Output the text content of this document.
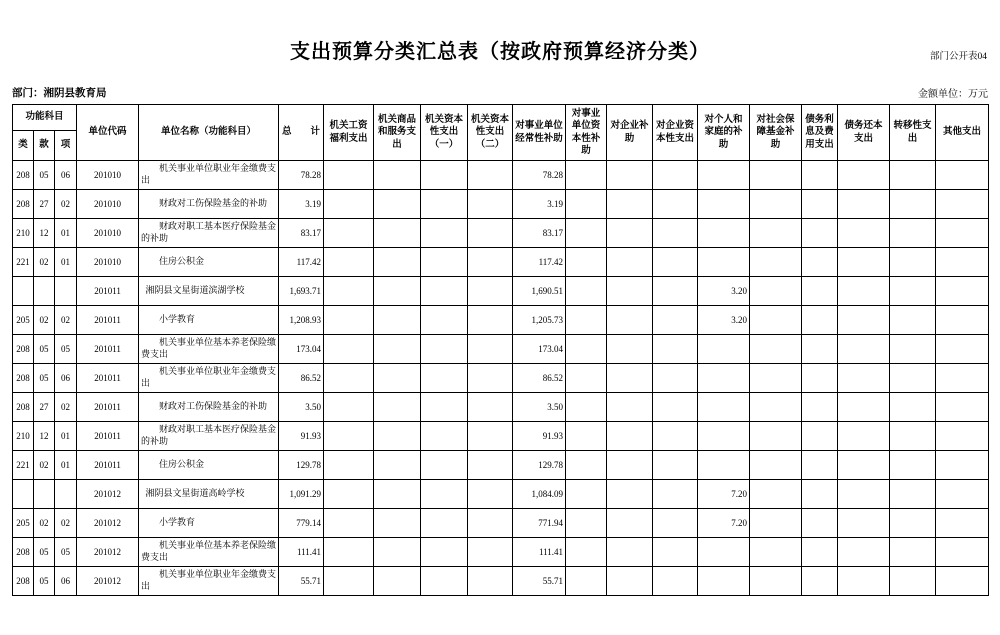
部门公开表04
支出预算分类汇总表（按政府预算经济分类）
部门：湘阴县教育局	金额单位：万元
功能科目			单位代码	单位名称（功能科目）	总　　计	机关工资福利支出	机关商品和服务支出	机关资本性支出（一）	机关资本性支出（二）	对事业单位经常性补助	对事业单位资本性补助	对企业补助	对企业资本性支出	对个人和家庭的补助	对社会保障基金补助	债务利息及费用支出	债务还本支出	转移性支出	其他支出
类	款	项																	
208	05	06	201010	机关事业单位职业年金缴费支出	78.28					78.28									
208	27	02	201010	财政对工伤保险基金的补助	3.19					3.19									
210	12	01	201010	财政对职工基本医疗保险基金的补助	83.17					83.17									
221	02	01	201010	住房公积金	117.42					117.42									
			201011	湘阴县文星街道滨湖学校	1,693.71					1,690.51				3.20					
205	02	02	201011	小学教育	1,208.93					1,205.73				3.20					
208	05	05	201011	机关事业单位基本养老保险缴费支出	173.04					173.04									
208	05	06	201011	机关事业单位职业年金缴费支出	86.52					86.52									
208	27	02	201011	财政对工伤保险基金的补助	3.50					3.50									
210	12	01	201011	财政对职工基本医疗保险基金的补助	91.93					91.93									
221	02	01	201011	住房公积金	129.78					129.78									
			201012	湘阴县文星街道高岭学校	1,091.29					1,084.09				7.20					
205	02	02	201012	小学教育	779.14					771.94				7.20					
208	05	05	201012	机关事业单位基本养老保险缴费支出	111.41					111.41									
208	05	06	201012	机关事业单位职业年金缴费支出	55.71					55.71									
